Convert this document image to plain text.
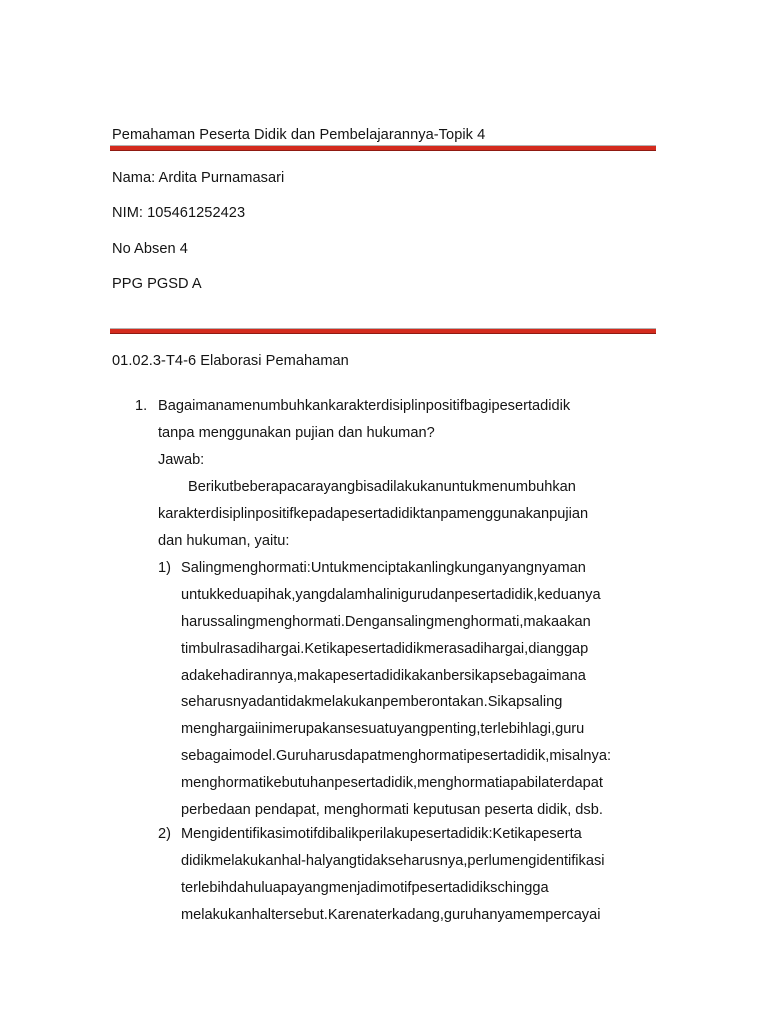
Pemahaman Peserta Didik dan Pembelajarannya-Topik 4
Nama: Ardita Purnamasari
NIM: 105461252423
No Absen 4
PPG PGSD A
01.02.3-T4-6 Elaborasi Pemahaman
1. Bagaimanamenumbuhkankarakterdisiplinpositifbagipesertadidik
tanpa menggunakan pujian dan hukuman?
Jawab:
Berikutbeberapacarayangbisadilakukanuntukmenumbuhkan
karakterdisiplinpositifkepadapesertadidiktanpamenggunakanpujian
dan hukuman, yaitu:
1) Salingmenghormati:Untukmenciptakanlingkunganyangnyaman
untukkeduapihak,yangdalamhalinigurudanpesertadidik,keduanya
harussalingmenghormati.Dengansalingmenghormati,makaakan
timbulrasadihargai.Ketikapesertadidikmerasadihargai,dianggap
adakehadirannya,makapesertadidikakanbersikapsebagaimana
seharusnyadantidakmelakukanpemberontakan.Sikapsaling
menghargaiinimerupakansesuatuyangpenting,terlebihlagi,guru
sebagaimodel.Guruharusdapatmenghormatipesertadidik,misalnya:
menghormatikebutuhanpesertadidik,menghormatiapabilaterdapat
perbedaan pendapat, menghormati keputusan peserta didik, dsb.
2) Mengidentifikasimotifdibalikperilakupesertadidik:Ketikapeserta
didikmelakukanhal-halyangtidakseharusnya,perlumengidentifikasi
terlebihdahuluapayangmenjadimotifpesertadidikschingga
melakukanhaltersebut.Karenaterkadang,guruhanyamempercayai
